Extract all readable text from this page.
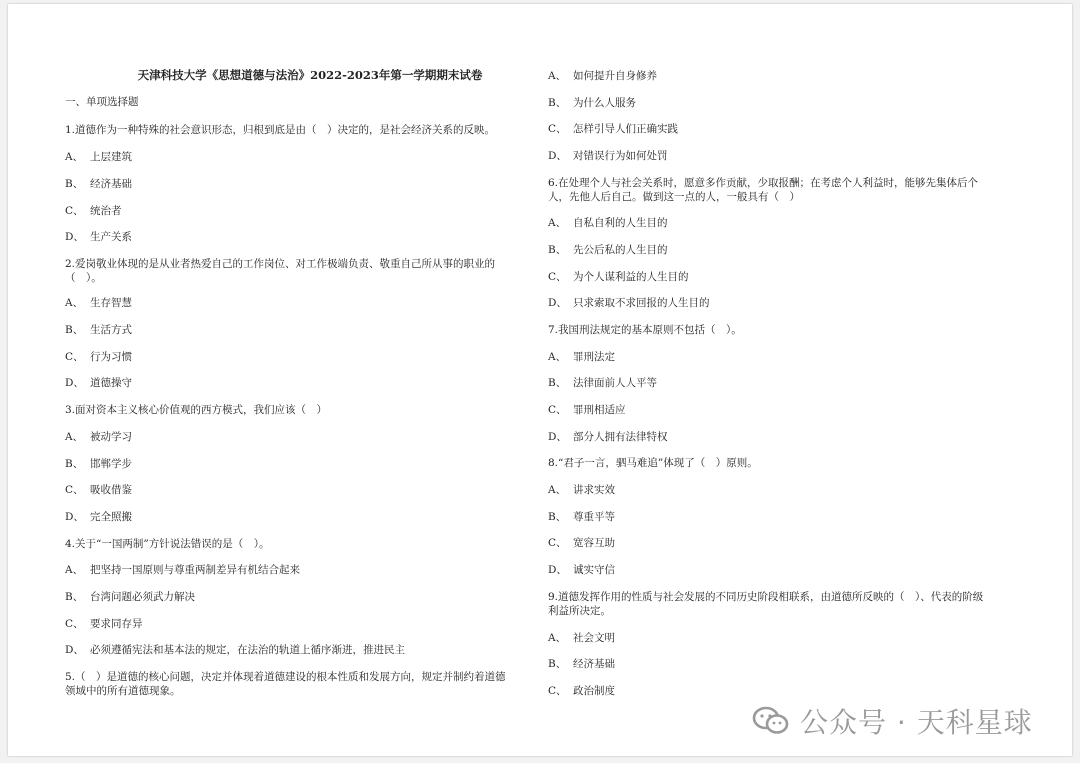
天津科技大学《思想道德与法治》2022-2023年第一学期期末试卷
一、单项选择题
1.道德作为一种特殊的社会意识形态，归根到底是由（　）决定的，是社会经济关系的反映。
A、 上层建筑
B、 经济基础
C、 统治者
D、 生产关系
2.爱岗敬业体现的是从业者热爱自己的工作岗位、对工作极端负责、敬重自己所从事的职业的
（　）。
A、 生存智慧
B、 生活方式
C、 行为习惯
D、 道德操守
3.面对资本主义核心价值观的西方模式，我们应该（　）
A、 被动学习
B、 邯郸学步
C、 吸收借鉴
D、 完全照搬
4.关于“一国两制”方针说法错误的是（　）。
A、 把坚持一国原则与尊重两制差异有机结合起来
B、 台湾问题必须武力解决
C、 要求同存异
D、 必须遵循宪法和基本法的规定，在法治的轨道上循序渐进，推进民主
5.（　）是道德的核心问题，决定并体现着道德建设的根本性质和发展方向，规定并制约着道德
领域中的所有道德现象。
A、 如何提升自身修养
B、 为什么人服务
C、 怎样引导人们正确实践
D、 对错误行为如何处罚
6.在处理个人与社会关系时，愿意多作贡献，少取报酬；在考虑个人利益时，能够先集体后个
人，先他人后自己。做到这一点的人，一般具有（　）
A、 自私自利的人生目的
B、 先公后私的人生目的
C、 为个人谋利益的人生目的
D、 只求索取不求回报的人生目的
7.我国刑法规定的基本原则不包括（　）。
A、 罪刑法定
B、 法律面前人人平等
C、 罪刑相适应
D、 部分人拥有法律特权
8.“君子一言，驷马难追”体现了（　）原则。
A、 讲求实效
B、 尊重平等
C、 宽容互助
D、 诚实守信
9.道德发挥作用的性质与社会发展的不同历史阶段相联系，由道德所反映的（　）、代表的阶级
利益所决定。
A、 社会文明
B、 经济基础
C、 政治制度
公众号 · 天科星球
